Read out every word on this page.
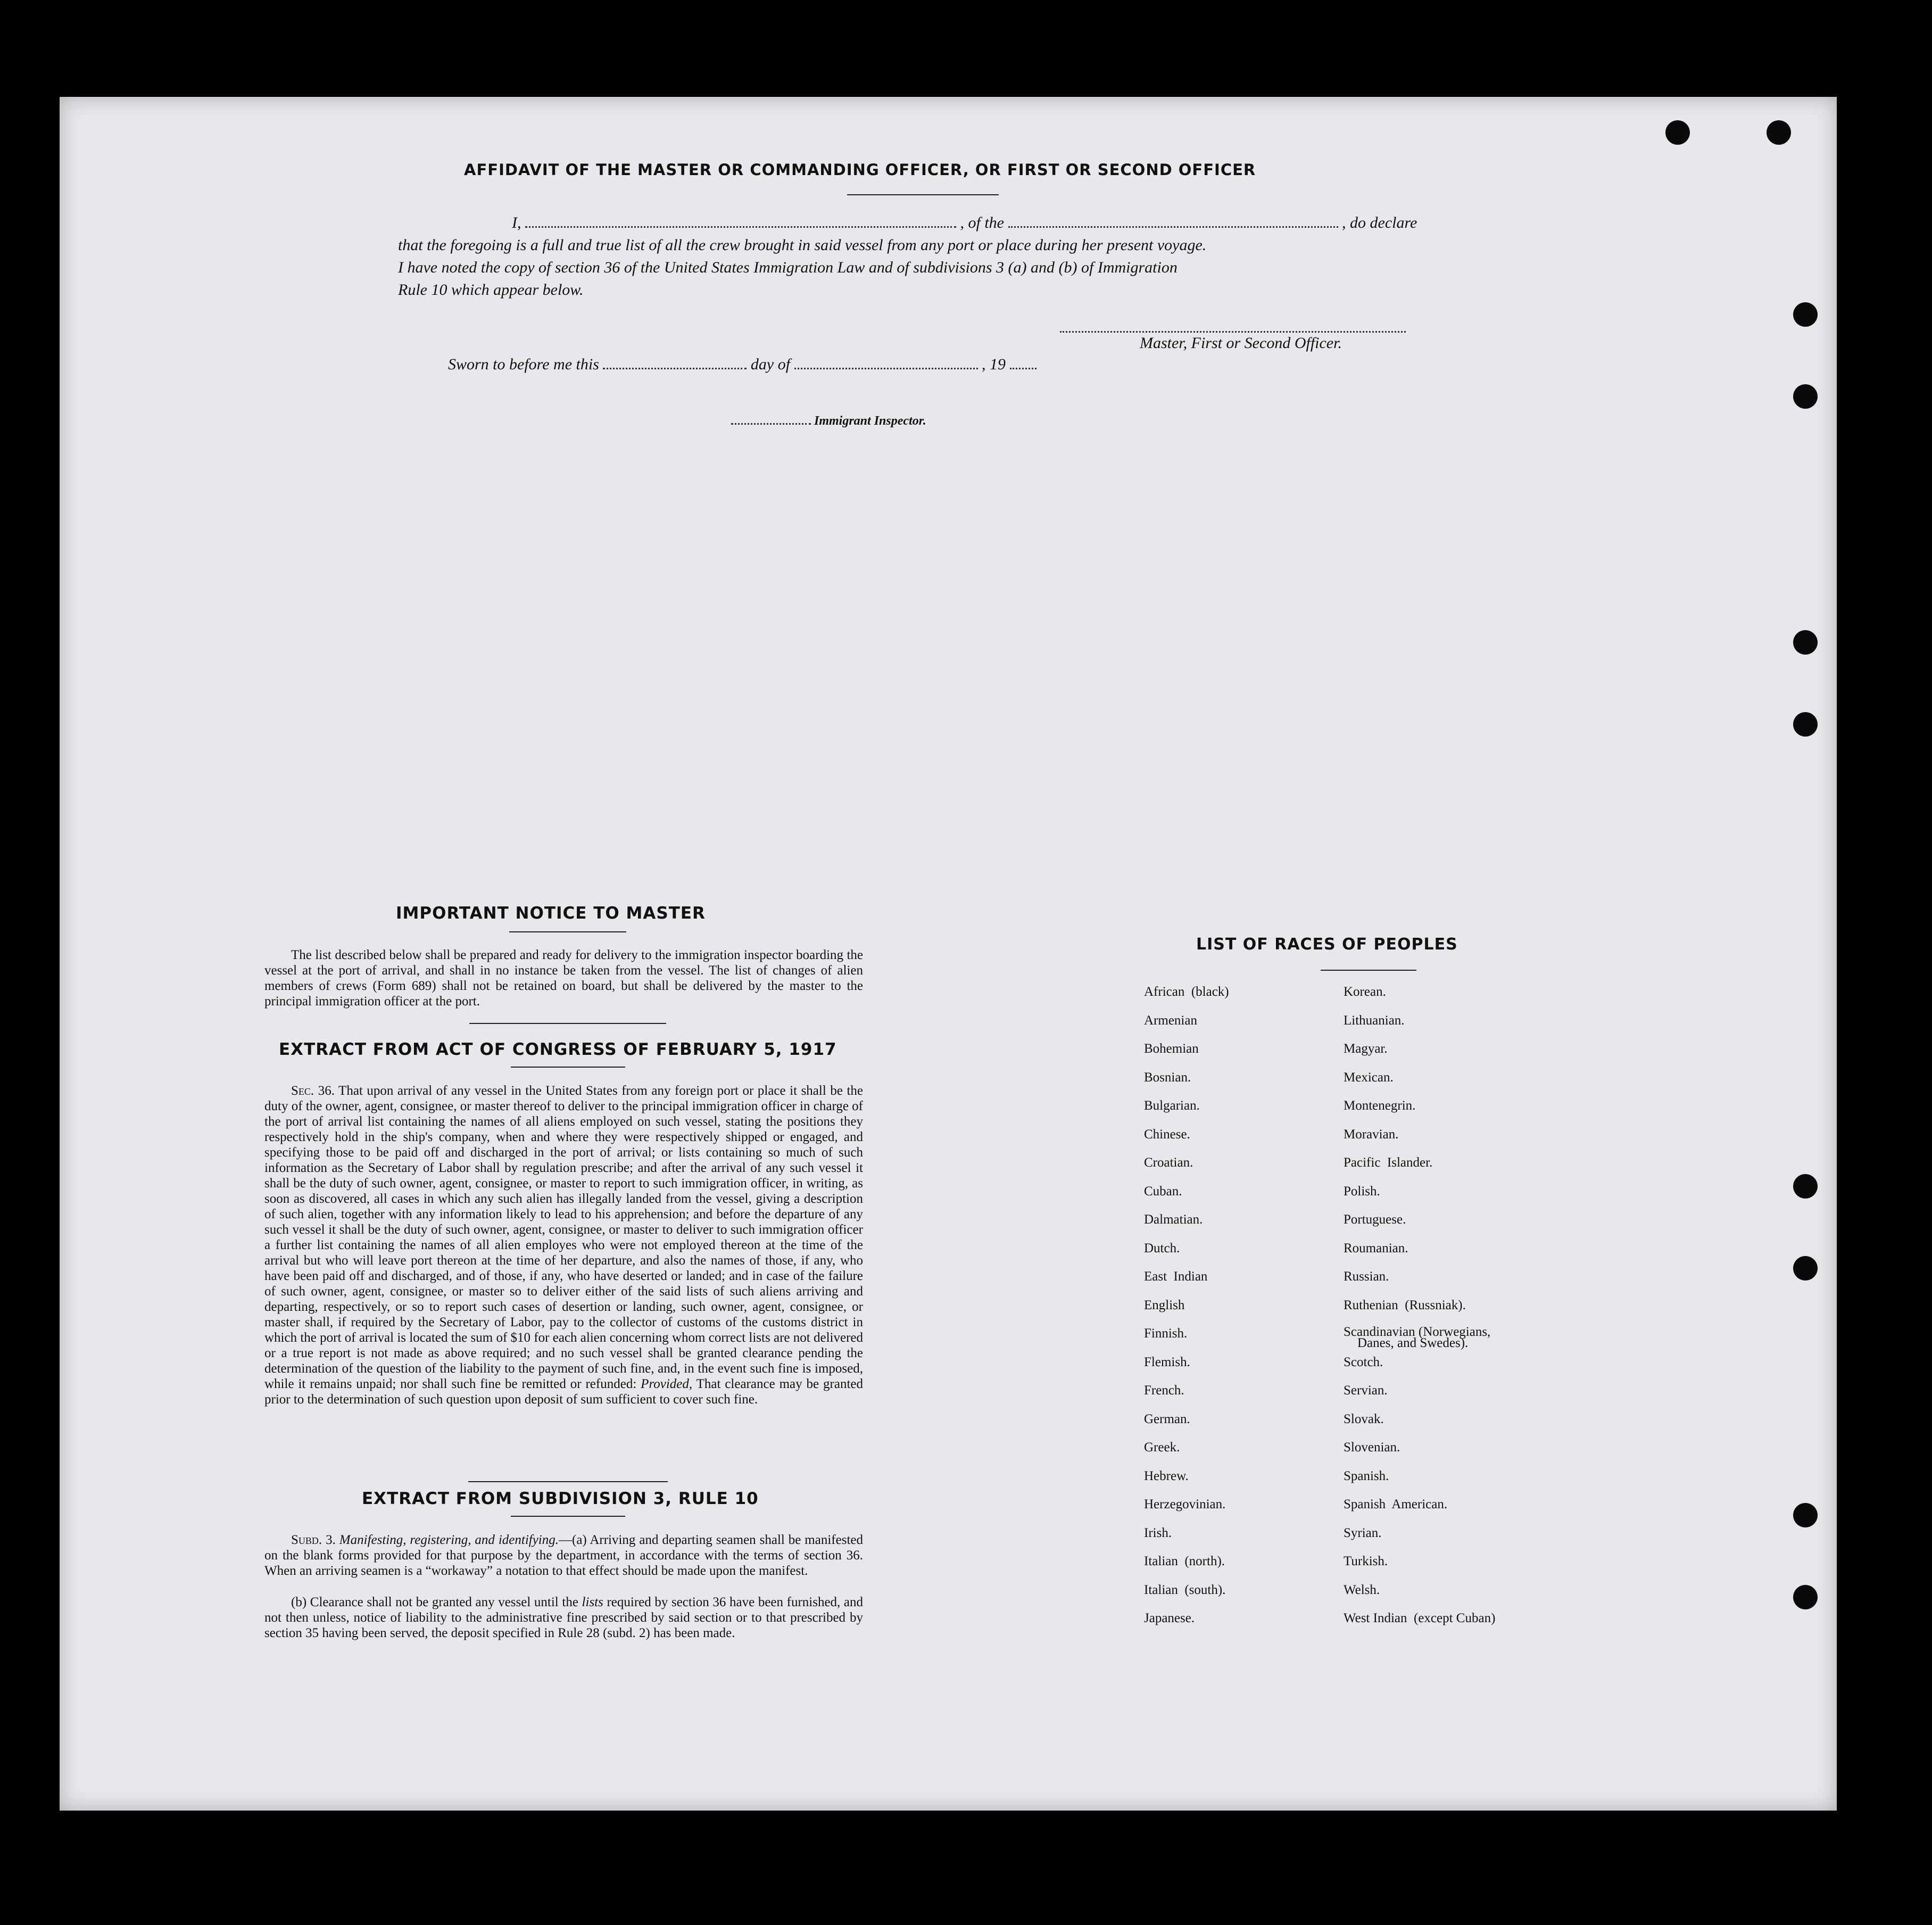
AFFIDAVIT OF THE MASTER OR COMMANDING OFFICER, OR FIRST OR SECOND OFFICER
I,	, of the	, do declare
that the foregoing is a full and true list of all the crew brought in said vessel from any port or place during her present voyage.
I have noted the copy of section 36 of the United States Immigration Law and of subdivisions 3 (a) and (b) of Immigration
Rule 10 which appear below.
Master, First or Second Officer.
Sworn to before me this	day of	, 19
Immigrant Inspector.
IMPORTANT NOTICE TO MASTER
The list described below shall be prepared and ready for delivery to the immigration inspector boarding the vessel at the port of arrival, and shall in no instance be taken from the vessel. The list of changes of alien members of crews (Form 689) shall not be retained on board, but shall be delivered by the master to the principal immigration officer at the port.
EXTRACT FROM ACT OF CONGRESS OF FEBRUARY 5, 1917
Sec. 36. That upon arrival of any vessel in the United States from any foreign port or place it shall be the duty of the owner, agent, consignee, or master thereof to deliver to the principal immigration officer in charge of the port of arrival list containing the names of all aliens employed on such vessel, stating the positions they respectively hold in the ship's company, when and where they were respectively shipped or engaged, and specifying those to be paid off and discharged in the port of arrival; or lists containing so much of such information as the Secretary of Labor shall by regulation prescribe; and after the arrival of any such vessel it shall be the duty of such owner, agent, consignee, or master to report to such immigration officer, in writing, as soon as discovered, all cases in which any such alien has illegally landed from the vessel, giving a description of such alien, together with any information likely to lead to his apprehension; and before the departure of any such vessel it shall be the duty of such owner, agent, consignee, or master to deliver to such immigration officer a further list containing the names of all alien employes who were not employed thereon at the time of the arrival but who will leave port thereon at the time of her departure, and also the names of those, if any, who have been paid off and discharged, and of those, if any, who have deserted or landed; and in case of the failure of such owner, agent, consignee, or master so to deliver either of the said lists of such aliens arriving and departing, respectively, or so to report such cases of desertion or landing, such owner, agent, consignee, or master shall, if required by the Secretary of Labor, pay to the collector of customs of the customs district in which the port of arrival is located the sum of $10 for each alien concerning whom correct lists are not delivered or a true report is not made as above required; and no such vessel shall be granted clearance pending the determination of the question of the liability to the payment of such fine, and, in the event such fine is imposed, while it remains unpaid; nor shall such fine be remitted or refunded: Provided, That clearance may be granted prior to the determination of such question upon deposit of sum sufficient to cover such fine.
EXTRACT FROM SUBDIVISION 3, RULE 10
Subd. 3. Manifesting, registering, and identifying.—(a) Arriving and departing seamen shall be manifested on the blank forms provided for that purpose by the department, in accordance with the terms of section 36. When an arriving seamen is a “workaway” a notation to that effect should be made upon the manifest.
(b) Clearance shall not be granted any vessel until the lists required by section 36 have been furnished, and not then unless, notice of liability to the administrative fine prescribed by said section or to that prescribed by section 35 having been served, the deposit specified in Rule 28 (subd. 2) has been made.
LIST OF RACES OF PEOPLES
African  (black)	Korean.
Armenian	Lithuanian.
Bohemian	Magyar.
Bosnian.	Mexican.
Bulgarian.	Montenegrin.
Chinese.	Moravian.
Croatian.	Pacific  Islander.
Cuban.	Polish.
Dalmatian.	Portuguese.
Dutch.	Roumanian.
East  Indian	Russian.
English	Ruthenian  (Russniak).
Finnish.	Scandinavian (Norwegians,
Danes, and Swedes).

Flemish.	Scotch.
French.	Servian.
German.	Slovak.
Greek.	Slovenian.
Hebrew.	Spanish.
Herzegovinian.	Spanish  American.
Irish.	Syrian.
Italian  (north).	Turkish.
Italian  (south).	Welsh.
Japanese.	West Indian  (except Cuban)
